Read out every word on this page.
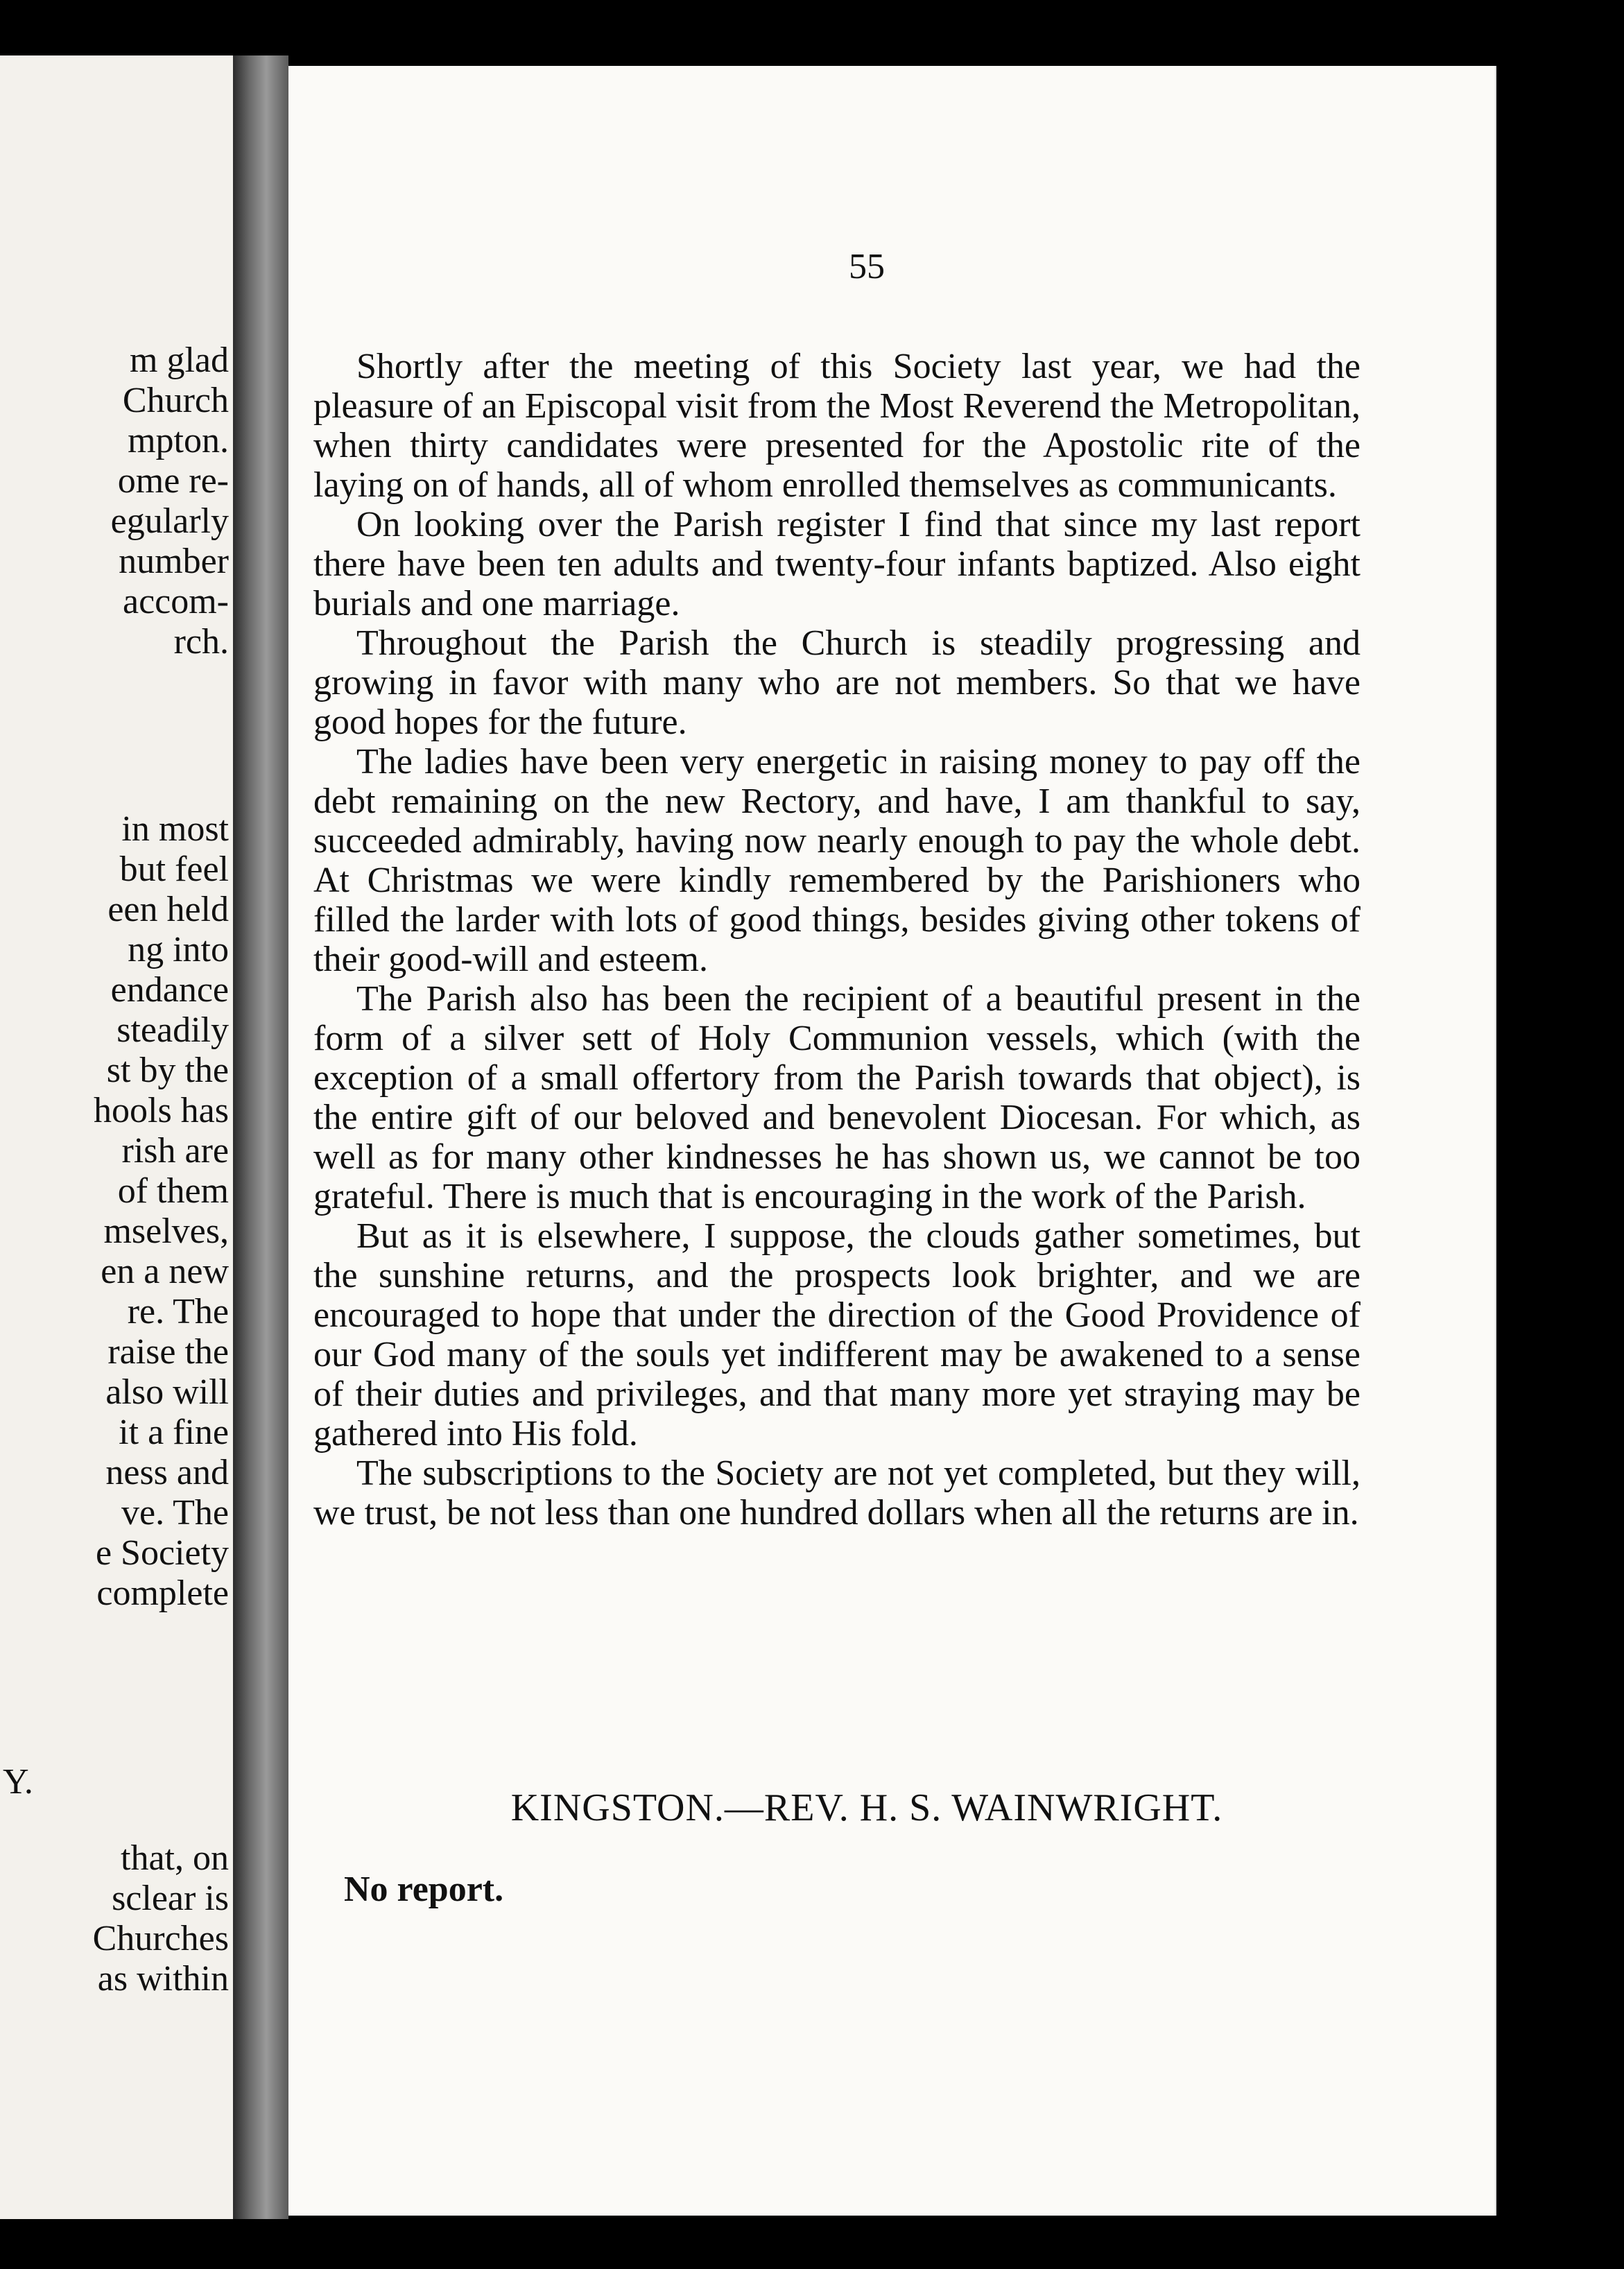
m glad
Church
mpton.
ome re-
egularly
number
accom-
rch.
in most
but feel
een held
ng into
endance
steadily
st by the
hools has
rish are
of them
mselves,
en a new
re. The
raise the
also will
it a fine
ness and
ve. The
e Society
complete
Y.
that, on
sclear is
Churches
as within
55

Shortly after the meeting of this Society last year, we had the pleasure of an Episcopal visit from the Most Reverend the Metropolitan, when thirty candidates were presented for the Apostolic rite of the laying on of hands, all of whom enrolled themselves as communicants.

On looking over the Parish register I find that since my last report there have been ten adults and twenty-four infants baptized. Also eight burials and one marriage.

Throughout the Parish the Church is steadily progressing and growing in favor with many who are not members. So that we have good hopes for the future.

The ladies have been very energetic in raising money to pay off the debt remaining on the new Rectory, and have, I am thankful to say, succeeded admirably, having now nearly enough to pay the whole debt. At Christmas we were kindly remembered by the Parishioners who filled the larder with lots of good things, besides giving other tokens of their good-will and esteem.

The Parish also has been the recipient of a beautiful present in the form of a silver sett of Holy Communion vessels, which (with the exception of a small offertory from the Parish towards that object), is the entire gift of our beloved and benevolent Diocesan. For which, as well as for many other kindnesses he has shown us, we cannot be too grateful. There is much that is encouraging in the work of the Parish.

But as it is elsewhere, I suppose, the clouds gather sometimes, but the sunshine returns, and the prospects look brighter, and we are encouraged to hope that under the direction of the Good Providence of our God many of the souls yet indifferent may be awakened to a sense of their duties and privileges, and that many more yet straying may be gathered into His fold.

The subscriptions to the Society are not yet completed, but they will, we trust, be not less than one hundred dollars when all the returns are in.

KINGSTON.—REV. H. S. WAINWRIGHT.
No report.
